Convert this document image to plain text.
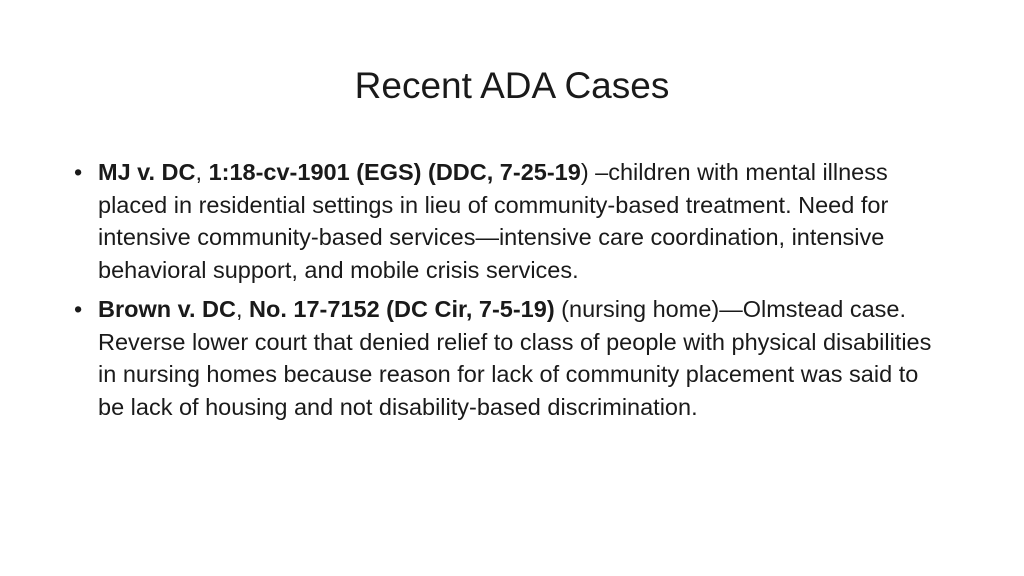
Recent ADA Cases
• MJ v. DC, 1:18-cv-1901 (EGS) (DDC, 7-25-19) –children with mental illness placed in residential settings in lieu of community-based treatment. Need for intensive community-based services—intensive care coordination, intensive behavioral support, and mobile crisis services.
• Brown v. DC, No. 17-7152 (DC Cir, 7-5-19) (nursing home)—Olmstead case. Reverse lower court that denied relief to class of people with physical disabilities in nursing homes because reason for lack of community placement was said to be lack of housing and not disability-based discrimination.
